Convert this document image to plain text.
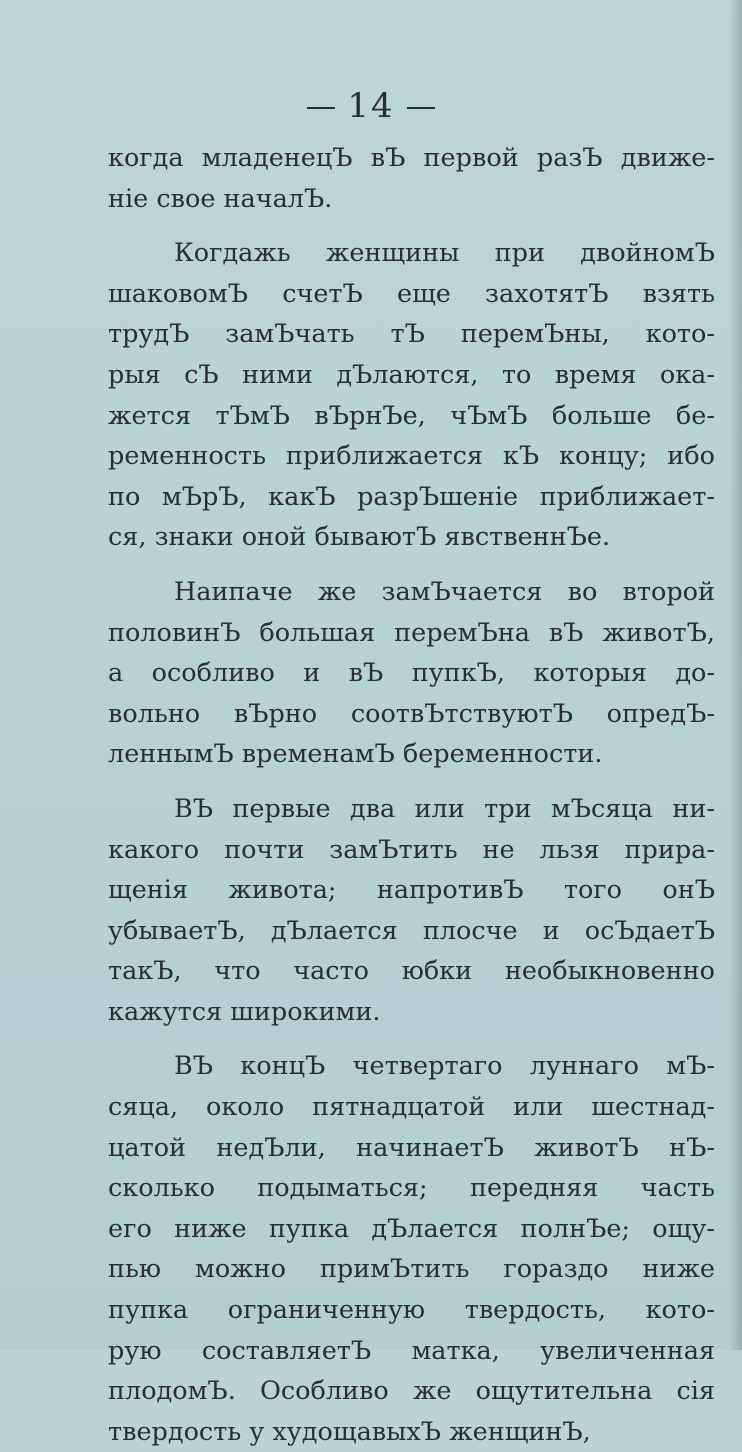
14
когда младенецЪ вЪ первой разЪ движе-
нiе свое началЪ.
Когдажь женщины при двойномЪ
шаковомЪ счетЪ еще захотятЪ взять
трудЪ замЪчать тЪ перемЪны, кото-
рыя сЪ ними дЪлаются, то время ока-
жется тЪмЪ вЪрнЪе, чЪмЪ больше бе-
ременность приближается кЪ концу; ибо
по мЪрЪ, какЪ разрЪшенiе приближает-
ся, знаки оной бываютЪ явственнЪе.
Наипаче же замЪчается во второй
половинЪ большая перемЪна вЪ животЪ,
а особливо и вЪ пупкЪ, которыя до-
вольно вЪрно соотвЪтствуютЪ опредЪ-
леннымЪ временамЪ беременности.
ВЪ первые два или три мЪсяца ни-
какого почти замЪтить не льзя прира-
щенiя живота; напротивЪ того онЪ
убываетЪ, дЪлается плосче и осЪдаетЪ
такЪ, что часто юбки необыкновенно
кажутся широкими.
ВЪ концЪ четвертаго луннаго мЪ-
сяца, около пятнадцатой или шестнад-
цатой недЪли, начинаетЪ животЪ нЪ-
сколько подыматься; передняя часть
его ниже пупка дЪлается полнЪе; ощу-
пью можно примЪтить гораздо ниже
пупка ограниченную твердость, кото-
рую составляетЪ матка, увеличенная
плодомЪ. Особливо же ощутительна сiя
твердость у худощавыхЪ женщинЪ,
